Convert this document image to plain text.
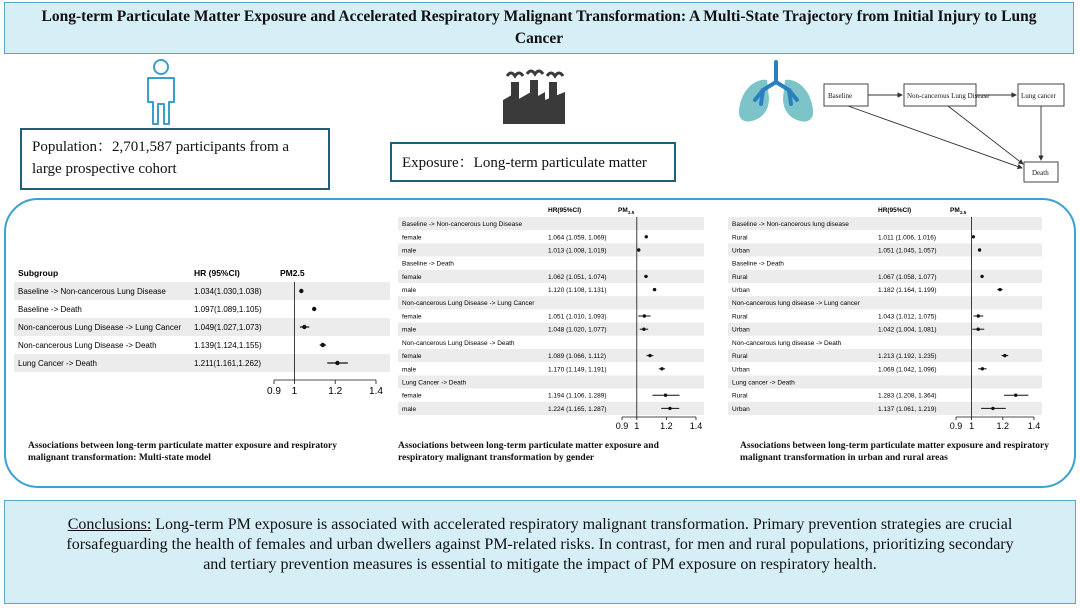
Long-term Particulate Matter Exposure and Accelerated Respiratory Malignant Transformation: A Multi-State Trajectory from Initial Injury to Lung Cancer
Baseline	Non-cancerous Lung Disease	Lung cancer
Death
Population：2,701,587 participants from a large prospective cohort	Exposure：Long-term particulate matter
Subgroup	HR (95%CI)	PM2.5
Baseline -> Non-cancerous Lung Disease	1.034(1.030,1.038)
Baseline -> Death	1.097(1.089,1.105)
Non-cancerous Lung Disease -> Lung Cancer 1.049(1.027,1.073)
Non-cancerous Lung Disease -> Death	1.139(1.124,1.155)
Lung Cancer -> Death	1.211(1.161,1.262)
0.9 1	1.2	1.4
Associations between long-term particulate matter exposure and respiratory malignant transformation: Multi-state model
HR(95%CI)	PM 2.5
Baseline -> Non-cancerous Lung Disease
female	1.064 (1.059, 1.069)
male	1.013 (1.008, 1.019)
Baseline -> Death
female	1.062 (1.051, 1.074)
male	1.120 (1.108, 1.131)
Non-cancerous Lung Disease -> Lung Cancer
female	1.051 (1.010, 1.093)
male	1.048 (1.020, 1.077)
Non-cancerous Lung Disease -> Death
female	1.089 (1.066, 1.112)
male	1.170 (1.149, 1.191)
Lung Cancer -> Death
female	1.194 (1.106, 1.289)
male	1.224 (1.165, 1.287)
0.9 1 1.2 1.4
Associations between long-term particulate matter exposure and respiratory malignant transformation by gender
HR(95%CI)	PM 2.5
Baseline -> Non-cancerous lung disease
Rural	1.011 (1.006, 1.016)
Urban	1.051 (1.045, 1.057)
Baseline -> Death
Rural	1.067 (1.058, 1.077)
Urban	1.182 (1.164, 1.199)
Non-cancerous lung disease -> Lung cancer
Rural	1.043 (1.012, 1.075)
Urban	1.042 (1.004, 1.081)
Non-cancerous lung disease -> Death
Rural	1.213 (1.192, 1.235)
Urban	1.069 (1.042, 1.096)
Lung cancer -> Death
Rural	1.283 (1.208, 1.364)
Urban	1.137 (1.061, 1.219)
0.9 1 1.2 1.4
Associations between long-term particulate matter exposure and respiratory malignant transformation in urban and rural areas
Conclusions: Long-term PM exposure is associated with accelerated respiratory malignant transformation. Primary prevention strategies are crucial forsafeguarding the health of females and urban dwellers against PM-related risks. In contrast, for men and rural populations, prioritizing secondary and tertiary prevention measures is essential to mitigate the impact of PM exposure on respiratory health.
